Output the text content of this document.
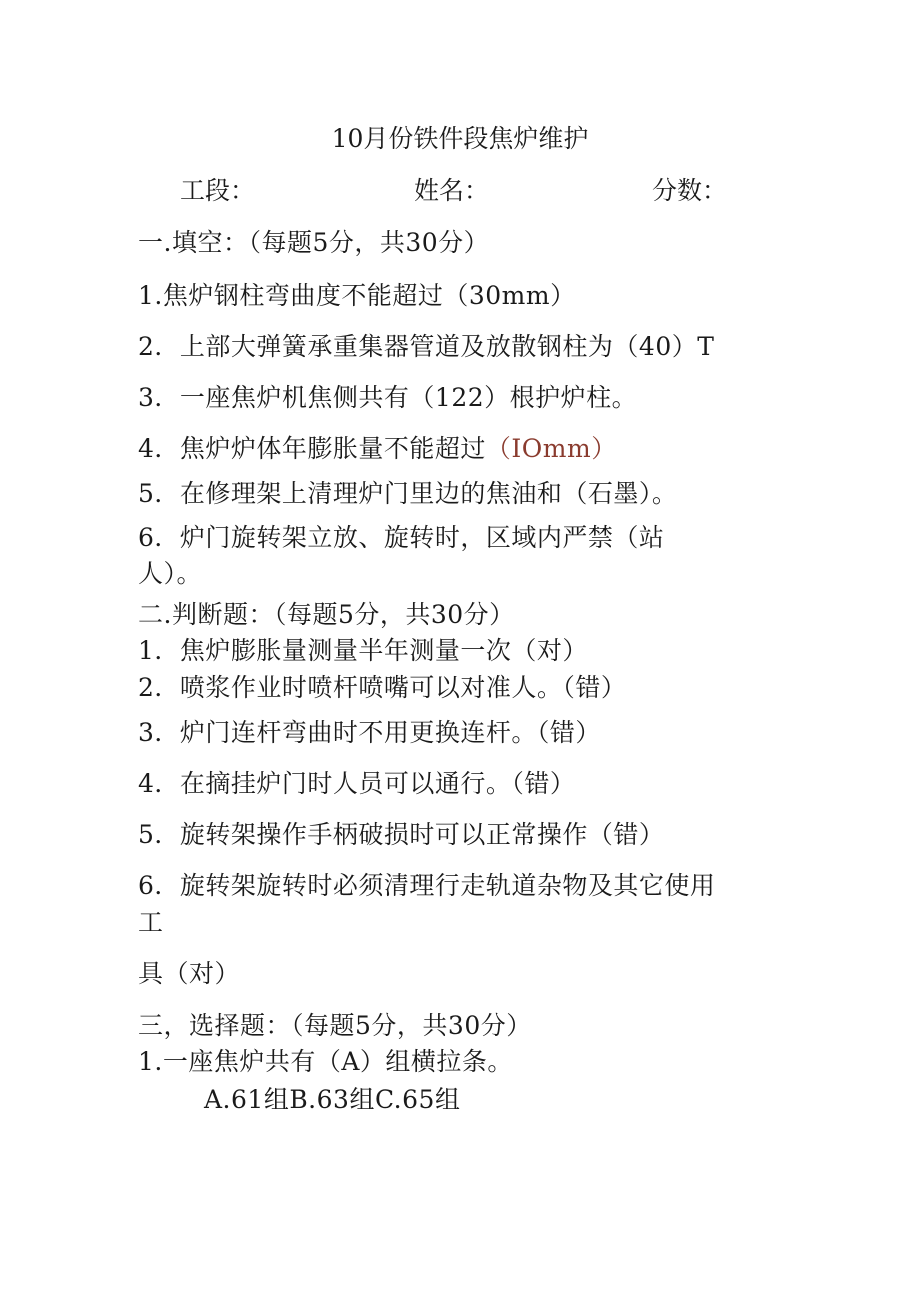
10月份铁件段焦炉维护
工段：	姓名：	分数：
一.填空：（每题5分，共30分）
1.焦炉钢柱弯曲度不能超过（30mm）
2．上部大弹簧承重集器管道及放散钢柱为（40）T
3．一座焦炉机焦侧共有（122）根护炉柱。
4．焦炉炉体年膨胀量不能超过（IOmm）
5．在修理架上清理炉门里边的焦油和（石墨）。
6．炉门旋转架立放、旋转时，区域内严禁（站
人）。
二.判断题：（每题5分，共30分）
1．焦炉膨胀量测量半年测量一次（对）
2．喷浆作业时喷杆喷嘴可以对准人。（错）
3．炉门连杆弯曲时不用更换连杆。（错）
4．在摘挂炉门时人员可以通行。（错）
5．旋转架操作手柄破损时可以正常操作（错）
6．旋转架旋转时必须清理行走轨道杂物及其它使用
工
具（对）
三，选择题：（每题5分，共30分）
1.一座焦炉共有（A）组横拉条。
A.61组B.63组C.65组
